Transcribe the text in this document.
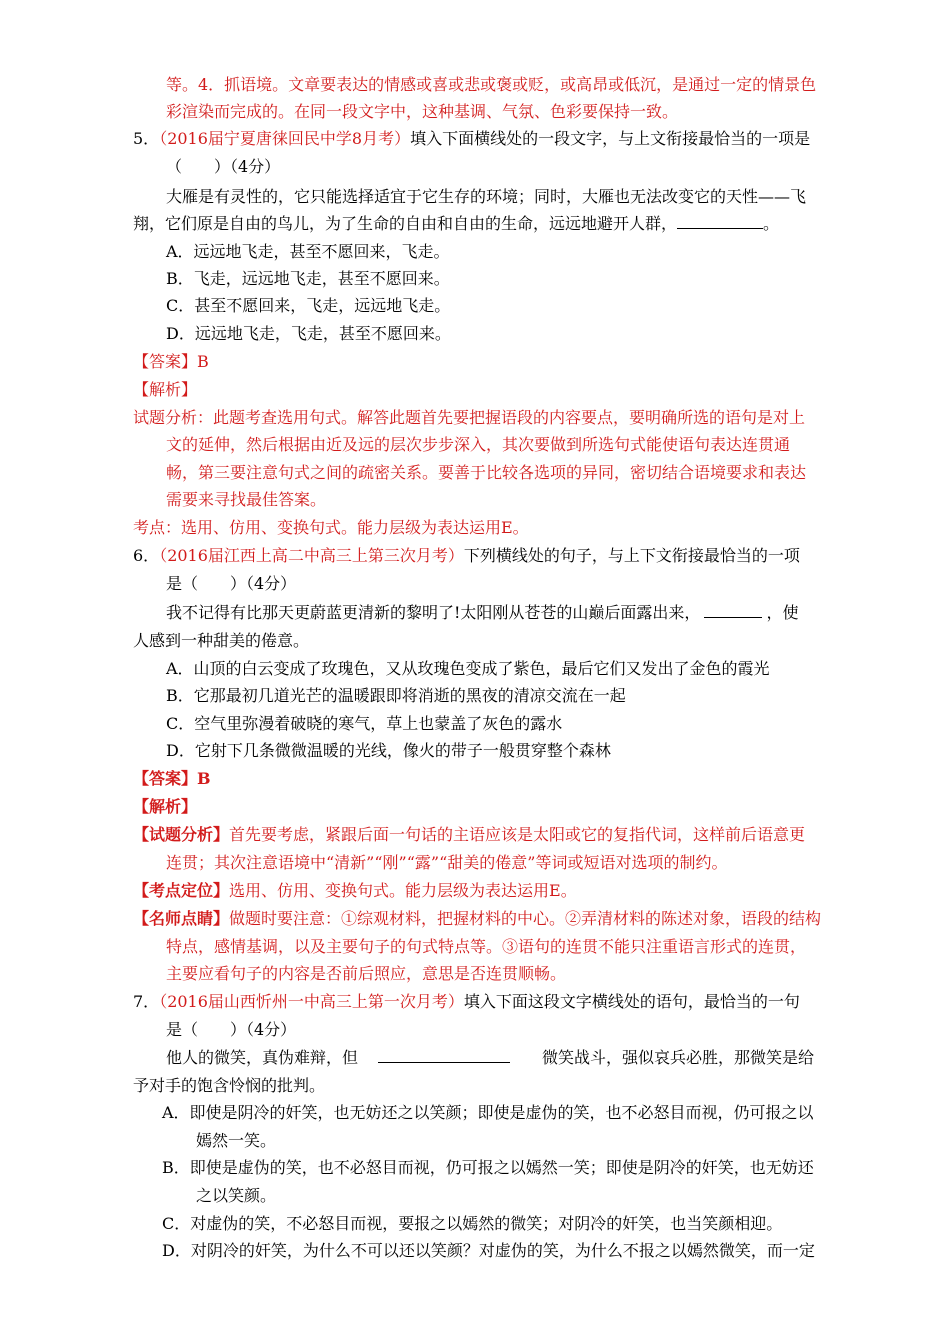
等。4．抓语境。文章要表达的情感或喜或悲或褒或贬，或高昂或低沉，是通过一定的情景色
彩渲染而完成的。在同一段文字中，这种基调、气氛、色彩要保持一致。
5．（2016届宁夏唐徕回民中学8月考）填入下面横线处的一段文字，与上文衔接最恰当的一项是
（　　）（4分）
大雁是有灵性的，它只能选择适宜于它生存的环境；同时，大雁也无法改变它的天性——飞
翔，它们原是自由的鸟儿，为了生命的自由和自由的生命，远远地避开人群，	。
A．远远地飞走，甚至不愿回来，飞走。
B．飞走，远远地飞走，甚至不愿回来。
C．甚至不愿回来，飞走，远远地飞走。
D．远远地飞走，飞走，甚至不愿回来。
【答案】B
【解析】
试题分析：此题考查选用句式。解答此题首先要把握语段的内容要点，要明确所选的语句是对上
文的延伸，然后根据由近及远的层次步步深入，其次要做到所选句式能使语句表达连贯通
畅，第三要注意句式之间的疏密关系。要善于比较各选项的异同，密切结合语境要求和表达
需要来寻找最佳答案。
考点：选用、仿用、变换句式。能力层级为表达运用E。
6．（2016届江西上高二中高三上第三次月考）下列横线处的句子，与上下文衔接最恰当的一项
是（　　）（4分）
我不记得有比那天更蔚蓝更清新的黎明了!太阳刚从苍苍的山巅后面露出来，	，使
人感到一种甜美的倦意。
A．山顶的白云变成了玫瑰色，又从玫瑰色变成了紫色，最后它们又发出了金色的霞光
B．它那最初几道光芒的温暖跟即将消逝的黑夜的清凉交流在一起
C．空气里弥漫着破晓的寒气，草上也蒙盖了灰色的露水
D．它射下几条微微温暖的光线，像火的带子一般贯穿整个森林
【答案】B
【解析】
【试题分析】首先要考虑，紧跟后面一句话的主语应该是太阳或它的复指代词，这样前后语意更
连贯；其次注意语境中“清新”“刚”“露”“甜美的倦意”等词或短语对选项的制约。
【考点定位】选用、仿用、变换句式。能力层级为表达运用E。
【名师点睛】做题时要注意：①综观材料，把握材料的中心。②弄清材料的陈述对象，语段的结构
特点，感情基调，以及主要句子的句式特点等。③语句的连贯不能只注重语言形式的连贯，
主要应看句子的内容是否前后照应，意思是否连贯顺畅。
7．（2016届山西忻州一中高三上第一次月考）填入下面这段文字横线处的语句，最恰当的一句
是（　　）（4分）
他人的微笑，真伪难辩，但	微笑战斗，强似哀兵必胜，那微笑是给
予对手的饱含怜悯的批判。
A．即使是阴冷的奸笑，也无妨还之以笑颜；即使是虚伪的笑，也不必怒目而视，仍可报之以
嫣然一笑。
B．即使是虚伪的笑，也不必怒目而视，仍可报之以嫣然一笑；即使是阴冷的奸笑，也无妨还
之以笑颜。
C．对虚伪的笑，不必怒目而视，要报之以嫣然的微笑；对阴冷的奸笑，也当笑颜相迎。
D．对阴冷的奸笑，为什么不可以还以笑颜？对虚伪的笑，为什么不报之以嫣然微笑，而一定
